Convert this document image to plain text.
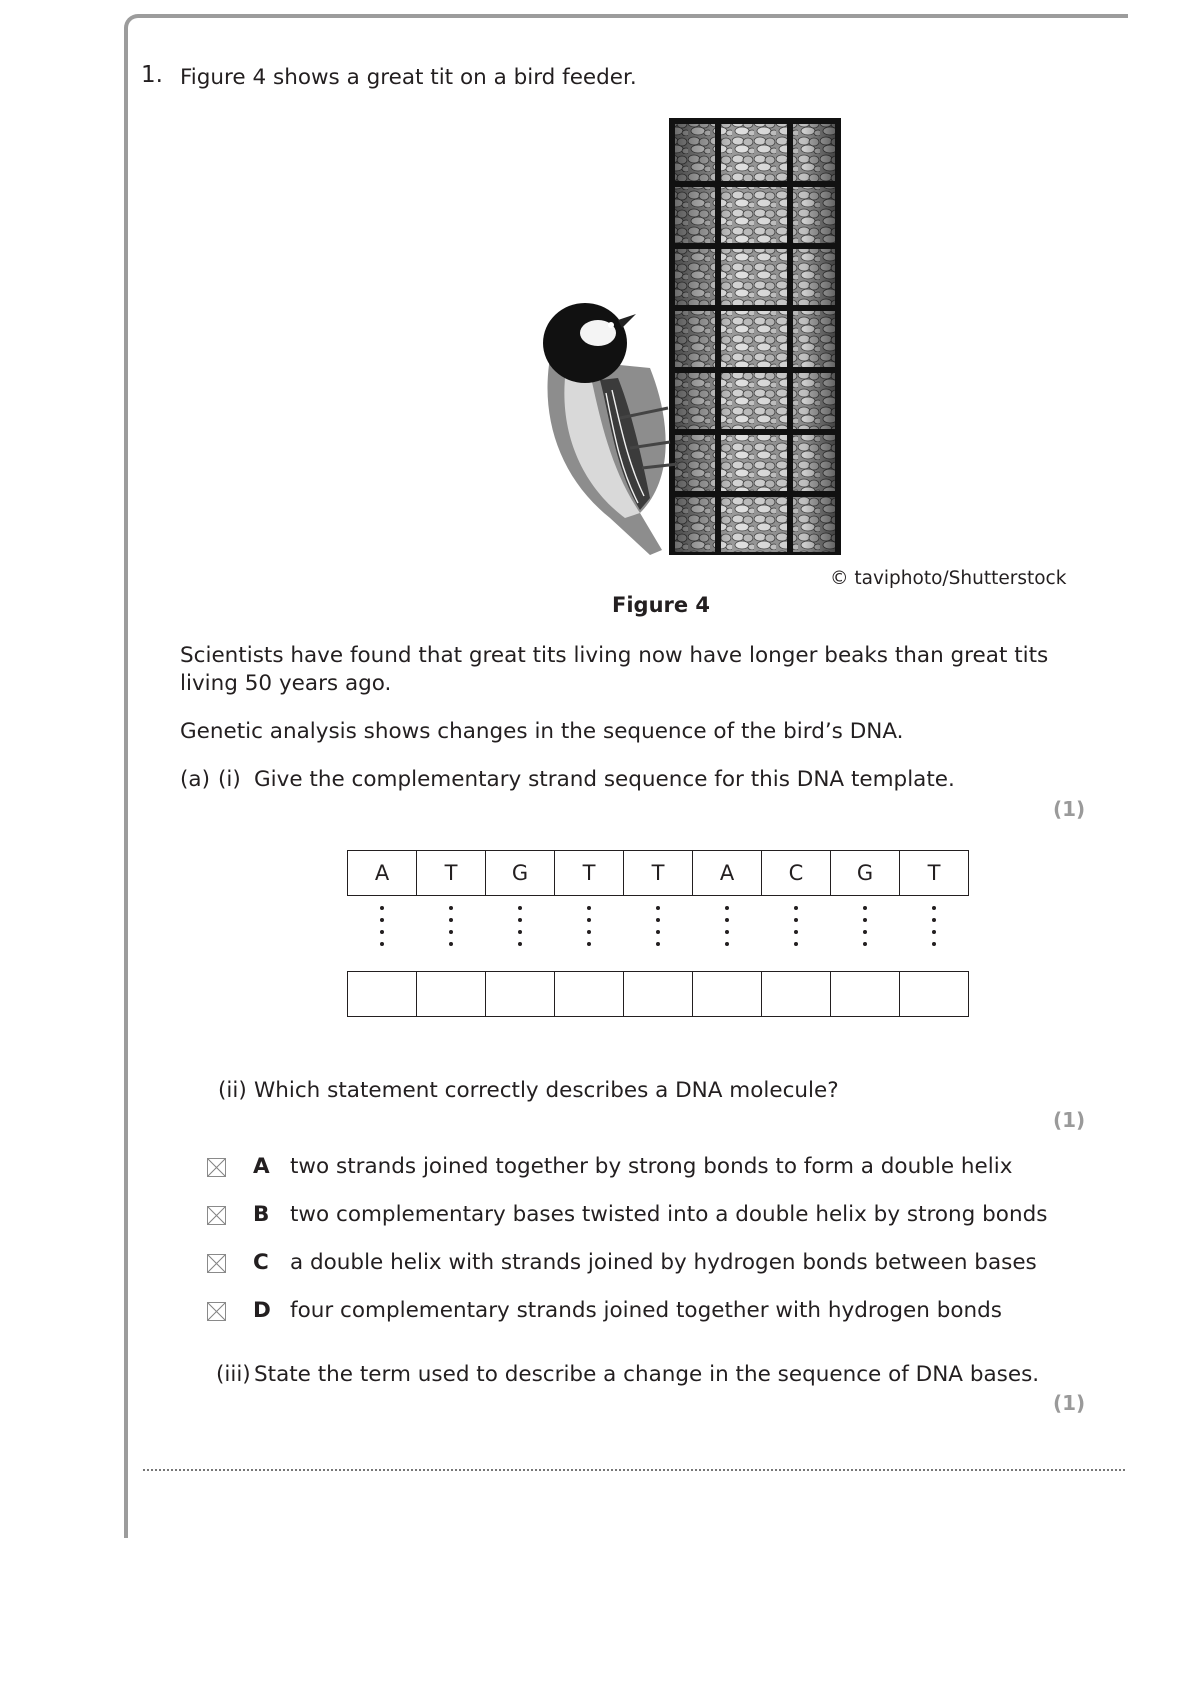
1. Figure 4 shows a great tit on a bird feeder.
© taviphoto/Shutterstock
Figure 4
Scientists have found that great tits living now have longer beaks than great tits
living 50 years ago.
Genetic analysis shows changes in the sequence of the bird’s DNA.
(a) (i) Give the complementary strand sequence for this DNA template.
(1)
A	T	G	T	T	A	C	G	T

(ii) Which statement correctly describes a DNA molecule?
(1)
A two strands joined together by strong bonds to form a double helix
B two complementary bases twisted into a double helix by strong bonds
C a double helix with strands joined by hydrogen bonds between bases
D four complementary strands joined together with hydrogen bonds
(iii) State the term used to describe a change in the sequence of DNA bases.
(1)
